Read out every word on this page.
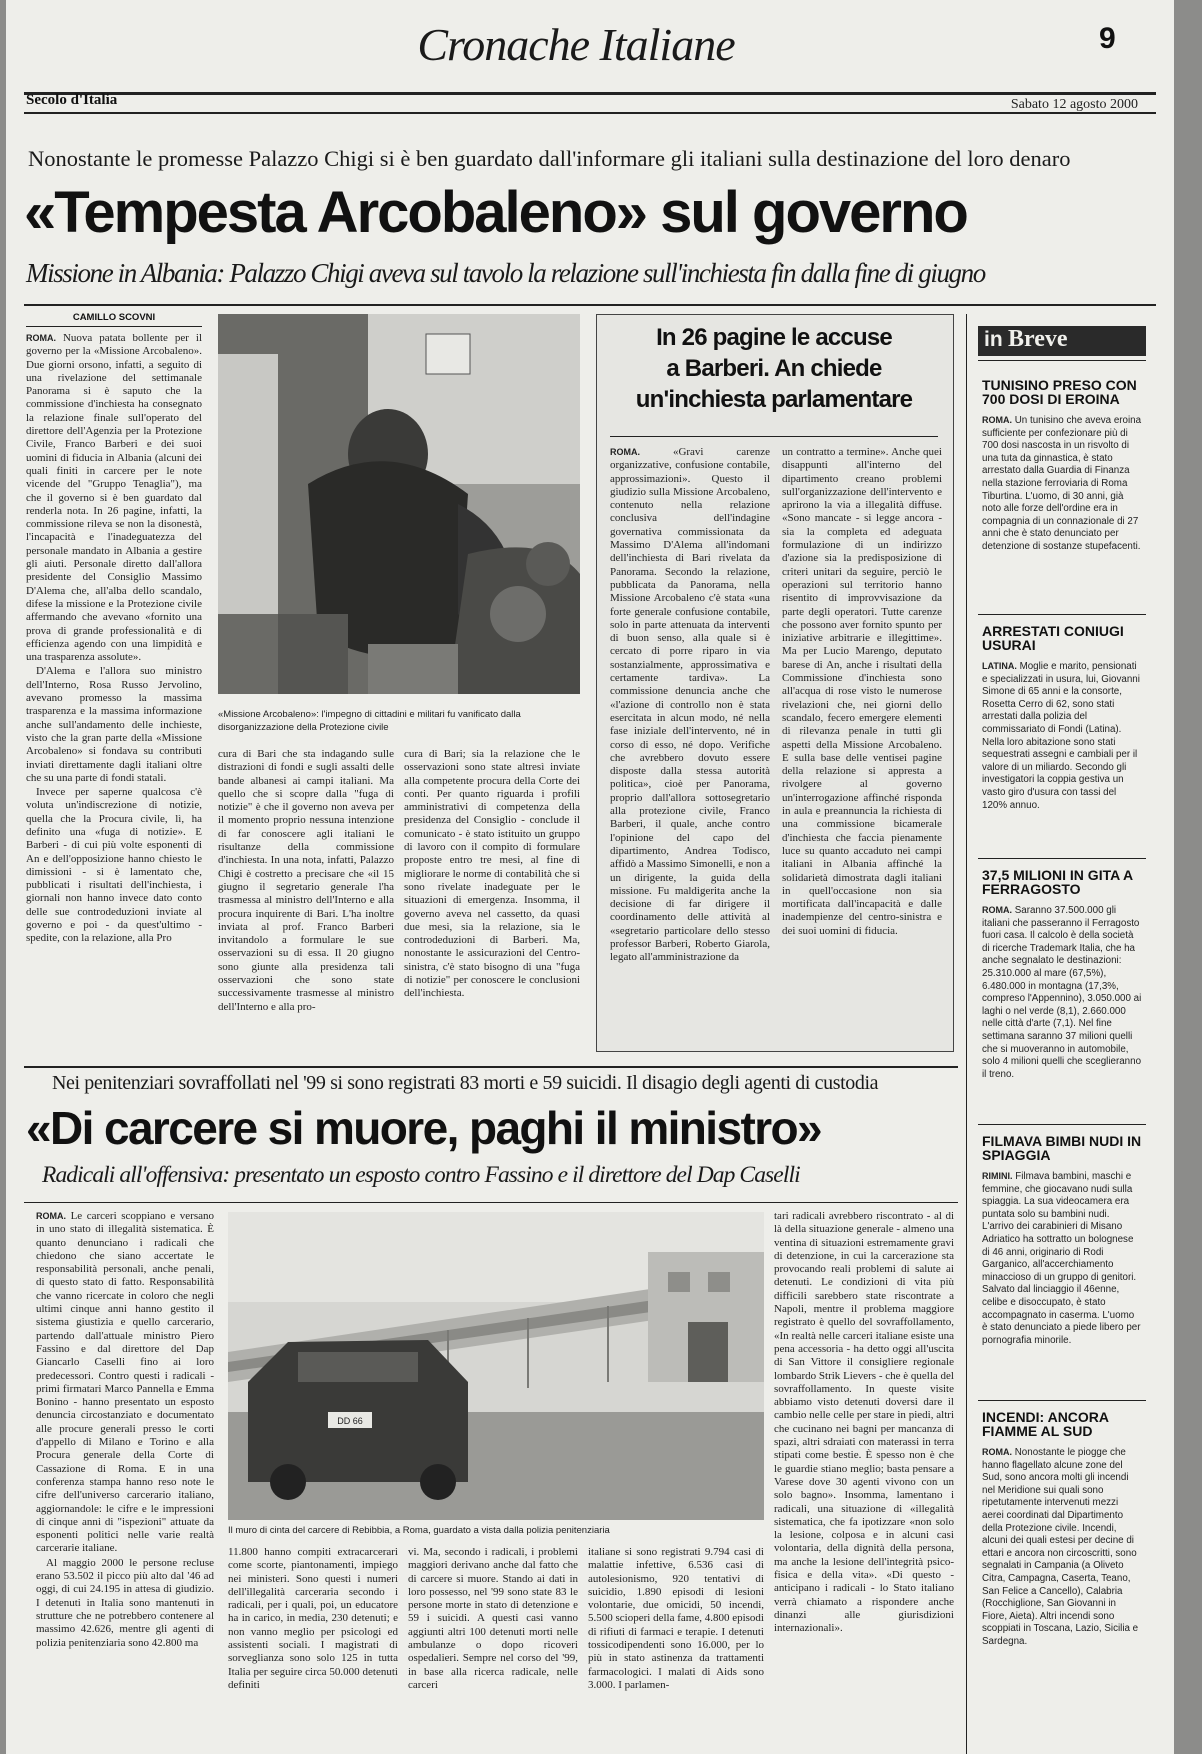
Cronache Italiane	9
Secolo d'Italia	Sabato 12 agosto 2000
Nonostante le promesse Palazzo Chigi si è ben guardato dall'informare gli italiani sulla destinazione del loro denaro
«Tempesta Arcobaleno» sul governo
Missione in Albania: Palazzo Chigi aveva sul tavolo la relazione sull'inchiesta fin dalla fine di giugno
CAMILLO SCOVNI

ROMA. Nuova patata bollente per il governo per la «Missione Arcobaleno». Due giorni orsono, infatti, a seguito di una rivelazione del settimanale Panorama si è saputo che la commissione d'inchiesta ha consegnato la relazione finale sull'operato del direttore dell'Agenzia per la Protezione Civile, Franco Barberi e dei suoi uomini di fiducia in Albania (alcuni dei quali finiti in carcere per le note vicende del "Gruppo Tenaglia"), ma che il governo si è ben guardato dal renderla nota. In 26 pagine, infatti, la commissione rileva se non la disonestà, l'incapacità e l'inadeguatezza del personale mandato in Albania a gestire gli aiuti. Personale diretto dall'allora presidente del Consiglio Massimo D'Alema che, all'alba dello scandalo, difese la missione e la Protezione civile affermando che avevano «fornito una prova di grande professionalità e di efficienza agendo con una limpidità e una trasparenza assolute».

D'Alema e l'allora suo ministro dell'Interno, Rosa Russo Jervolino, avevano promesso la massima trasparenza e la massima informazione anche sull'andamento delle inchieste, visto che la gran parte della «Missione Arcobaleno» si fondava su contributi inviati direttamente dagli italiani oltre che su una parte di fondi statali.

Invece per saperne qualcosa c'è voluta un'indiscrezione di notizie, quella che la Procura civile, lì, ha definito una «fuga di notizie». E Barberi - di cui più volte esponenti di An e dell'opposizione hanno chiesto le dimissioni - si è lamentato che, pubblicati i risultati dell'inchiesta, i giornali non hanno invece dato conto delle sue controdeduzioni inviate al governo e poi - da quest'ultimo - spedite, con la relazione, alla Pro

«Missione Arcobaleno»: l'impegno di cittadini e militari fu vanificato dalla disorganizzazione della Protezione civile

cura di Bari che sta indagando sulle distrazioni di fondi e sugli assalti delle bande albanesi ai campi italiani. Ma quello che si scopre dalla "fuga di notizie" è che il governo non aveva per il momento proprio nessuna intenzione di far conoscere agli italiani le risultanze della commissione d'inchiesta. In una nota, infatti, Palazzo Chigi è costretto a precisare che «il 15 giugno il segretario generale l'ha trasmessa al ministro dell'Interno e alla procura inquirente di Bari. L'ha inoltre inviata al prof. Franco Barberi invitandolo a formulare le sue osservazioni su di essa. Il 20 giugno sono giunte alla presidenza tali osservazioni che sono state successivamente trasmesse al ministro dell'Interno e alla pro-

cura di Bari; sia la relazione che le osservazioni sono state altresì inviate alla competente procura della Corte dei conti. Per quanto riguarda i profili amministrativi di competenza della presidenza del Consiglio - conclude il comunicato - è stato istituito un gruppo di lavoro con il compito di formulare proposte entro tre mesi, al fine di migliorare le norme di contabilità che si sono rivelate inadeguate per le situazioni di emergenza. Insomma, il governo aveva nel cassetto, da quasi due mesi, sia la relazione, sia le controdeduzioni di Barberi. Ma, nonostante le assicurazioni del Centro-sinistra, c'è stato bisogno di una "fuga di notizie" per conoscere le conclusioni dell'inchiesta.

In 26 pagine le accuse
a Barberi. An chiede
un'inchiesta parlamentare

ROMA.	«Gravi carenze organizzative, confusione contabile, approssimazioni». Questo il giudizio sulla Missione Arcobaleno, contenuto nella relazione conclusiva dell'indagine governativa commissionata da Massimo D'Alema all'indomani dell'inchiesta di Bari rivelata da Panorama. Secondo la relazione, pubblicata da Panorama, nella Missione Arcobaleno c'è stata «una forte generale confusione contabile, solo in parte attenuata da interventi di buon senso, alla quale si è cercato di porre riparo in via sostanzialmente, approssimativa e certamente tardiva». La commissione denuncia anche che «l'azione di controllo non è stata esercitata in alcun modo, né nella fase iniziale dell'intervento, né in corso di esso, né dopo. Verifiche che avrebbero dovuto essere disposte dalla stessa autorità politica», cioè per Panorama, proprio dall'allora sottosegretario alla protezione civile, Franco Barberi, il quale, anche contro l'opinione del capo del dipartimento, Andrea Todisco, affidò a Massimo Simonelli, e non a un dirigente, la guida della missione. Fu maldigerita anche la decisione di far dirigere il coordinamento delle attività al «segretario particolare dello stesso professor Barberi, Roberto Giarola, legato all'amministrazione da

un contratto a termine». Anche quei disappunti all'interno del dipartimento creano problemi sull'organizzazione dell'intervento e aprirono la via a illegalità diffuse. «Sono mancate - si legge ancora - sia la completa ed adeguata formulazione di un indirizzo d'azione sia la predisposizione di criteri unitari da seguire, perciò le operazioni sul territorio hanno risentito di improvvisazione da parte degli operatori. Tutte carenze che possono aver fornito spunto per iniziative arbitrarie e illegittime». Ma per Lucio Marengo, deputato barese di An, anche i risultati della Commissione d'inchiesta sono all'acqua di rose visto le numerose rivelazioni che, nei giorni dello scandalo, fecero emergere elementi di rilevanza penale in tutti gli aspetti della Missione Arcobaleno. E sulla base delle ventisei pagine della relazione si appresta a rivolgere al governo un'interrogazione affinché risponda in aula e preannuncia la richiesta di una commissione bicamerale d'inchiesta che faccia pienamente luce su quanto accaduto nei campi italiani in Albania affinché la solidarietà dimostrata dagli italiani in quell'occasione non sia mortificata dall'incapacità e dalle inadempienze del centro-sinistra e dei suoi uomini di fiducia.

in Breve
TUNISINO PRESO CON 700 DOSI DI EROINA

ROMA. Un tunisino che aveva eroina sufficiente per confezionare più di 700 dosi nascosta in un risvolto di una tuta da ginnastica, è stato arrestato dalla Guardia di Finanza nella stazione ferroviaria di Roma Tiburtina. L'uomo, di 30 anni, già noto alle forze dell'ordine era in compagnia di un connazionale di 27 anni che è stato denunciato per detenzione di sostanze stupefacenti.

ARRESTATI CONIUGI USURAI

LATINA. Moglie e marito, pensionati e specializzati in usura, lui, Giovanni Simone di 65 anni e la consorte, Rosetta Cerro di 62, sono stati arrestati dalla polizia del commissariato di Fondi (Latina). Nella loro abitazione sono stati sequestrati assegni e cambiali per il valore di un miliardo. Secondo gli investigatori la coppia gestiva un vasto giro d'usura con tassi del 120% annuo.

37,5 MILIONI IN GITA A FERRAGOSTO

ROMA. Saranno 37.500.000 gli italiani che passeranno il Ferragosto fuori casa. Il calcolo è della società di ricerche Trademark Italia, che ha anche segnalato le destinazioni: 25.310.000 al mare (67,5%), 6.480.000 in montagna (17,3%, compreso l'Appennino), 3.050.000 ai laghi o nel verde (8,1), 2.660.000 nelle città d'arte (7,1). Nel fine settimana saranno 37 milioni quelli che si muoveranno in automobile, solo 4 milioni quelli che sceglieranno il treno.

FILMAVA BIMBI NUDI IN SPIAGGIA

RIMINI. Filmava bambini, maschi e femmine, che giocavano nudi sulla spiaggia. La sua videocamera era puntata solo su bambini nudi. L'arrivo dei carabinieri di Misano Adriatico ha sottratto un bolognese di 46 anni, originario di Rodi Garganico, all'accerchiamento minaccioso di un gruppo di genitori. Salvato dal linciaggio il 46enne, celibe e disoccupato, è stato accompagnato in caserma. L'uomo è stato denunciato a piede libero per pornografia minorile.

INCENDI: ANCORA FIAMME AL SUD

ROMA. Nonostante le piogge che hanno flagellato alcune zone del Sud, sono ancora molti gli incendi nel Meridione sui quali sono ripetutamente intervenuti mezzi aerei coordinati dal Dipartimento della Protezione civile. Incendi, alcuni dei quali estesi per decine di ettari e ancora non circoscritti, sono segnalati in Campania (a Oliveto Citra, Campagna, Caserta, Teano, San Felice a Cancello), Calabria (Rocchiglione, San Giovanni in Fiore, Aieta). Altri incendi sono scoppiati in Toscana, Lazio, Sicilia e Sardegna.

Nei penitenziari sovraffollati nel '99 si sono registrati 83 morti e 59 suicidi. Il disagio degli agenti di custodia
«Di carcere si muore, paghi il ministro»
Radicali all'offensiva: presentato un esposto contro Fassino e il direttore del Dap Caselli

ROMA. Le carceri scoppiano e versano in uno stato di illegalità sistematica. È quanto denunciano i radicali che chiedono che siano accertate le responsabilità personali, anche penali, di questo stato di fatto. Responsabilità che vanno ricercate in coloro che negli ultimi cinque anni hanno gestito il sistema giustizia e quello carcerario, partendo dall'attuale ministro Piero Fassino e dal direttore del Dap Giancarlo Caselli fino ai loro predecessori. Contro questi i radicali - primi firmatari Marco Pannella e Emma Bonino - hanno presentato un esposto denuncia circostanziato e documentato alle procure generali presso le corti d'appello di Milano e Torino e alla Procura generale della Corte di Cassazione di Roma. E in una conferenza stampa hanno reso note le cifre dell'universo carcerario italiano, aggiornandole: le cifre e le impressioni di cinque anni di "ispezioni" attuate da esponenti politici nelle varie realtà carcerarie italiane.

Al maggio 2000 le persone recluse erano 53.502 il picco più alto dal '46 ad oggi, di cui 24.195 in attesa di giudizio. I detenuti in Italia sono mantenuti in strutture che ne potrebbero contenere al massimo 42.626, mentre gli agenti di polizia penitenziaria sono 42.800 ma

DD 66
Il muro di cinta del carcere di Rebibbia, a Roma, guardato a vista dalla polizia penitenziaria

11.800 hanno compiti extracarcerari come scorte, piantonamenti, impiego nei ministeri. Sono questi i numeri dell'illegalità carceraria secondo i radicali, per i quali, poi, un educatore ha in carico, in media, 230 detenuti; e non vanno meglio per psicologi ed assistenti sociali. I magistrati di sorveglianza sono solo 125 in tutta Italia per seguire circa 50.000 detenuti definiti

vi. Ma, secondo i radicali, i problemi maggiori derivano anche dal fatto che di carcere si muore. Stando ai dati in loro possesso, nel '99 sono state 83 le persone morte in stato di detenzione e 59 i suicidi. A questi casi vanno aggiunti altri 100 detenuti morti nelle ambulanze o dopo ricoveri ospedalieri. Sempre nel corso del '99, in base alla ricerca radicale, nelle carceri

italiane si sono registrati 9.794 casi di malattie infettive, 6.536 casi di autolesionismo, 920 tentativi di suicidio, 1.890 episodi di lesioni volontarie, due omicidi, 50 incendi, 5.500 scioperi della fame, 4.800 episodi di rifiuti di farmaci e terapie. I detenuti tossicodipendenti sono 16.000, per lo più in stato astinenza da trattamenti farmacologici. I malati di Aids sono 3.000. I parlamen-

tari radicali avrebbero riscontrato - al di là della situazione generale - almeno una ventina di situazioni estremamente gravi di detenzione, in cui la carcerazione sta provocando reali problemi di salute ai detenuti. Le condizioni di vita più difficili sarebbero state riscontrate a Napoli, mentre il problema maggiore registrato è quello del sovraffollamento, «In realtà nelle carceri italiane esiste una pena accessoria - ha detto oggi all'uscita di San Vittore il consigliere regionale lombardo Strik Lievers - che è quella del sovraffollamento. In queste visite abbiamo visto detenuti doversi dare il cambio nelle celle per stare in piedi, altri che cucinano nei bagni per mancanza di spazi, altri sdraiati con materassi in terra stipati come bestie. È spesso non è che le guardie stiano meglio; basta pensare a Varese dove 30 agenti vivono con un solo bagno». Insomma, lamentano i radicali, una situazione di «illegalità sistematica, che fa ipotizzare «non solo la lesione, colposa e in alcuni casi volontaria, della dignità della persona, ma anche la lesione dell'integrità psico-fisica e della vita». «Di questo - anticipano i radicali - lo Stato italiano verrà chiamato a rispondere anche dinanzi alle giurisdizioni internazionali».
